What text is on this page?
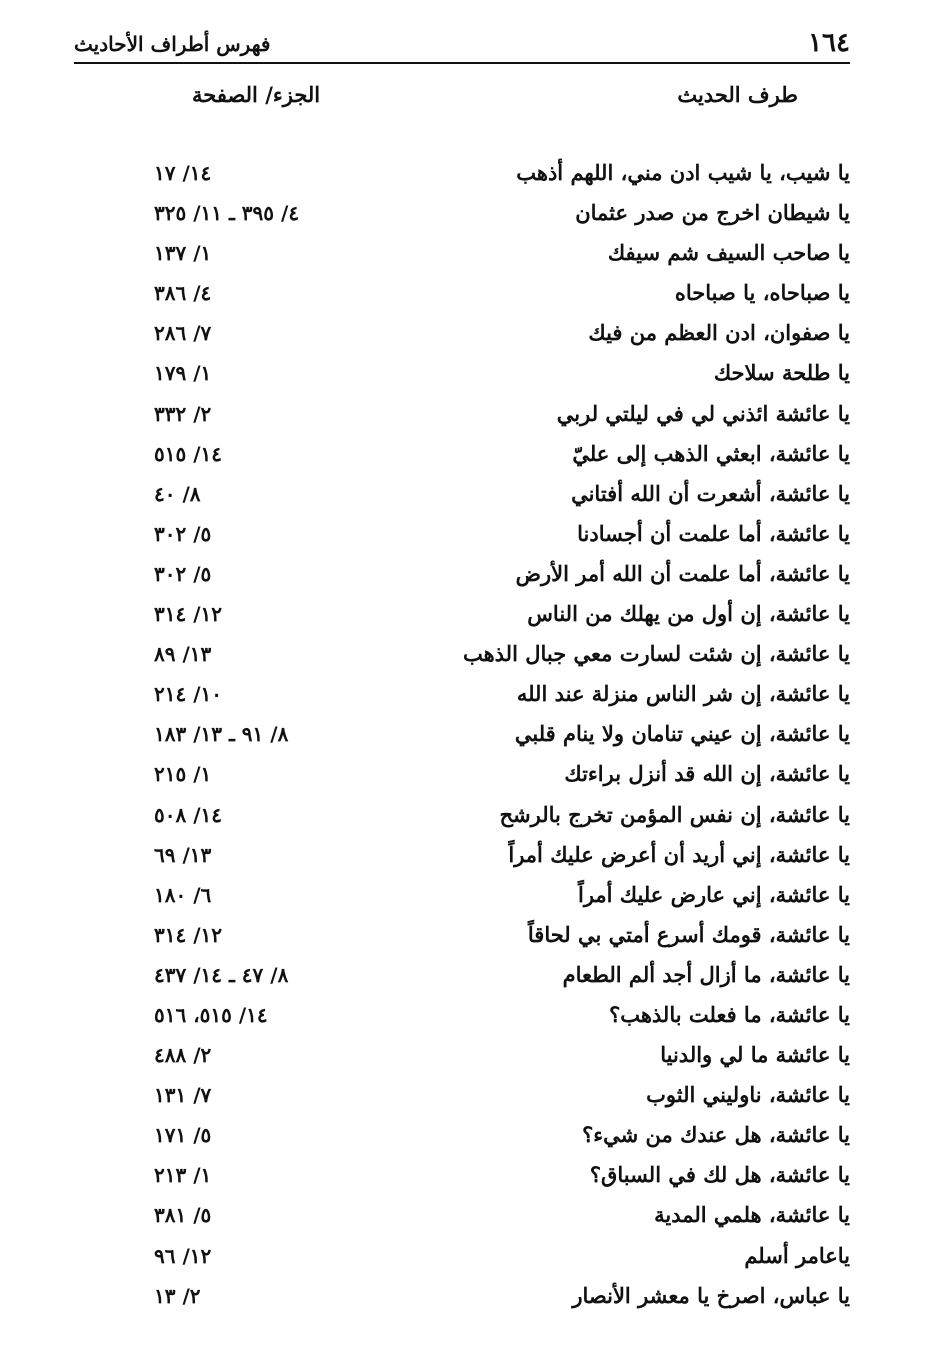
١٦٤
فهرس أطراف الأحاديث
طرف الحديث
الجزء/ الصفحة
يا شيب، يا شيب ادن مني، اللهم أذهب
١٤/ ١٧
يا شيطان اخرج من صدر عثمان
٤/ ٣٩٥ ـ ١١/ ٣٢٥
يا صاحب السيف شم سيفك
١/ ١٣٧
يا صباحاه، يا صباحاه
٤/ ٣٨٦
يا صفوان، ادن العظم من فيك
٧/ ٢٨٦
يا طلحة سلاحك
١/ ١٧٩
يا عائشة ائذني لي في ليلتي لربي
٢/ ٣٣٢
يا عائشة، ابعثي الذهب إلى عليّ
١٤/ ٥١٥
يا عائشة، أشعرت أن الله أفتاني
٨/ ٤٠
يا عائشة، أما علمت أن أجسادنا
٥/ ٣٠٢
يا عائشة، أما علمت أن الله أمر الأرض
٥/ ٣٠٢
يا عائشة، إن أول من يهلك من الناس
١٢/ ٣١٤
يا عائشة، إن شئت لسارت معي جبال الذهب
١٣/ ٨٩
يا عائشة، إن شر الناس منزلة عند الله
١٠/ ٢١٤
يا عائشة، إن عيني تنامان ولا ينام قلبي
٨/ ٩١ ـ ١٣/ ١٨٣
يا عائشة، إن الله قد أنزل براءتك
١/ ٢١٥
يا عائشة، إن نفس المؤمن تخرج بالرشح
١٤/ ٥٠٨
يا عائشة، إني أريد أن أعرض عليك أمراً
١٣/ ٦٩
يا عائشة، إني عارض عليك أمراً
٦/ ١٨٠
يا عائشة، قومك أسرع أمتي بي لحاقاً
١٢/ ٣١٤
يا عائشة، ما أزال أجد ألم الطعام
٨/ ٤٧ ـ ١٤/ ٤٣٧
يا عائشة، ما فعلت بالذهب؟
١٤/ ٥١٥، ٥١٦
يا عائشة ما لي والدنيا
٢/ ٤٨٨
يا عائشة، ناوليني الثوب
٧/ ١٣١
يا عائشة، هل عندك من شيء؟
٥/ ١٧١
يا عائشة، هل لك في السباق؟
١/ ٢١٣
يا عائشة، هلمي المدية
٥/ ٣٨١
ياعامر أسلم
١٢/ ٩٦
يا عباس، اصرخ يا معشر الأنصار
٢/ ١٣
